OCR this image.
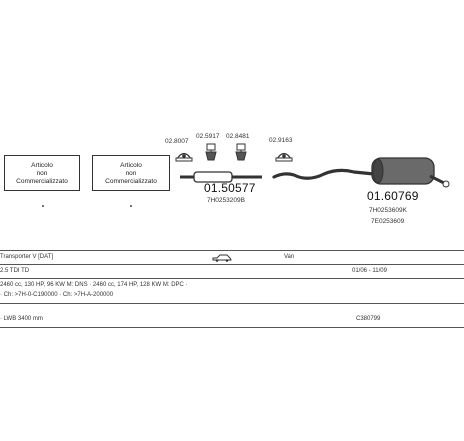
Articolo
non
Commercializzato
Articolo
non
Commercializzato
02.8007
02.5917 02.8481
02.9163
01.50577
7H0253209B	01.60769
7H0253609K
7E0253609
Transporter V [DAT]	Van
2.5 TDI TD	01/06 - 11/09
2460 cc, 130 HP, 96 KW M: DNS · 2460 cc, 174 HP, 128 KW M: DPC ·
· Ch: >7H-0-C190000 · Ch: >7H-A-200000
· LWB 3400 mm	C380799
